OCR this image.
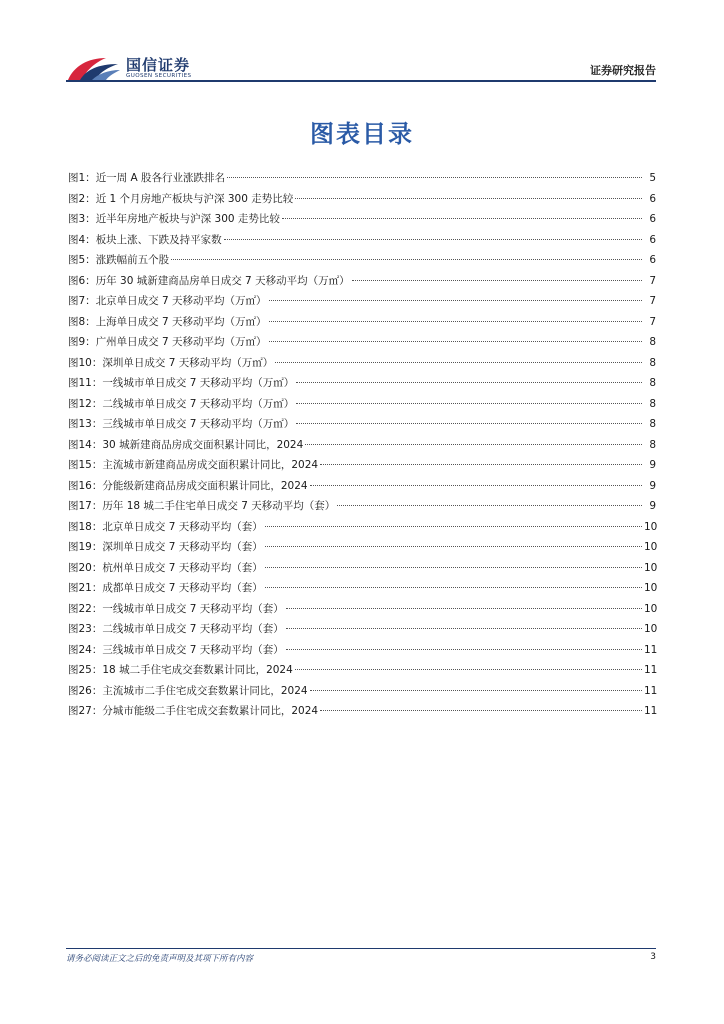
国信证券
GUOSEN SECURITIES	证券研究报告
图表目录
图1： 近一周 A 股各行业涨跌排名	5
图2： 近 1 个月房地产板块与沪深 300 走势比较	6
图3： 近半年房地产板块与沪深 300 走势比较	6
图4： 板块上涨、下跌及持平家数	6
图5： 涨跌幅前五个股	6
图6： 历年 30 城新建商品房单日成交 7 天移动平均（万㎡）	7
图7： 北京单日成交 7 天移动平均（万㎡）	7
图8： 上海单日成交 7 天移动平均（万㎡）	7
图9： 广州单日成交 7 天移动平均（万㎡）	8
图10： 深圳单日成交 7 天移动平均（万㎡）	8
图11： 一线城市单日成交 7 天移动平均（万㎡）	8
图12： 二线城市单日成交 7 天移动平均（万㎡）	8
图13： 三线城市单日成交 7 天移动平均（万㎡）	8
图14： 30 城新建商品房成交面积累计同比，2024	8
图15： 主流城市新建商品房成交面积累计同比，2024	9
图16： 分能级新建商品房成交面积累计同比，2024	9
图17： 历年 18 城二手住宅单日成交 7 天移动平均（套）	9
图18： 北京单日成交 7 天移动平均（套）	10
图19： 深圳单日成交 7 天移动平均（套）	10
图20： 杭州单日成交 7 天移动平均（套）	10
图21： 成都单日成交 7 天移动平均（套）	10
图22： 一线城市单日成交 7 天移动平均（套）	10
图23： 二线城市单日成交 7 天移动平均（套）	10
图24： 三线城市单日成交 7 天移动平均（套）	11
图25： 18 城二手住宅成交套数累计同比，2024	11
图26： 主流城市二手住宅成交套数累计同比，2024	11
图27： 分城市能级二手住宅成交套数累计同比，2024	11
请务必阅读正文之后的免责声明及其项下所有内容	3
